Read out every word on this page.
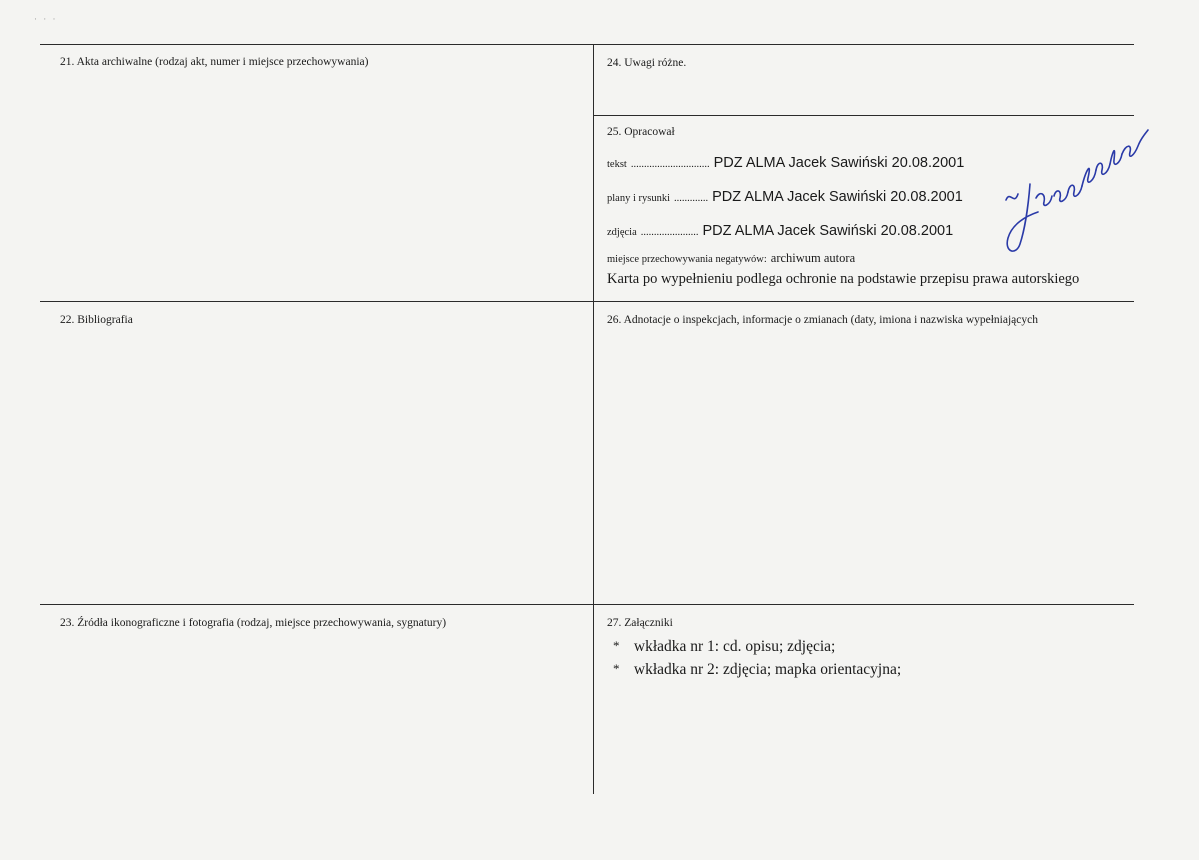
· · ·
21. Akta archiwalne (rodzaj akt, numer i miejsce przechowywania)
22. Bibliografia
23. Źródła ikonograficzne i fotografia (rodzaj, miejsce przechowywania, sygnatury)
24. Uwagi różne.
25. Opracował
tekst .............................. PDZ ALMA Jacek Sawiński 20.08.2001
plany i rysunki ............. PDZ ALMA Jacek Sawiński 20.08.2001
zdjęcia ...................... PDZ ALMA Jacek Sawiński 20.08.2001
miejsce przechowywania negatywów: archiwum autora
Karta po wypełnieniu podlega ochronie na podstawie przepisu prawa autorskiego
26. Adnotacje o inspekcjach, informacje o zmianach (daty, imiona i nazwiska wypełniających
27. Załączniki
* wkładka nr 1: cd. opisu; zdjęcia;
* wkładka nr 2: zdjęcia; mapka orientacyjna;
